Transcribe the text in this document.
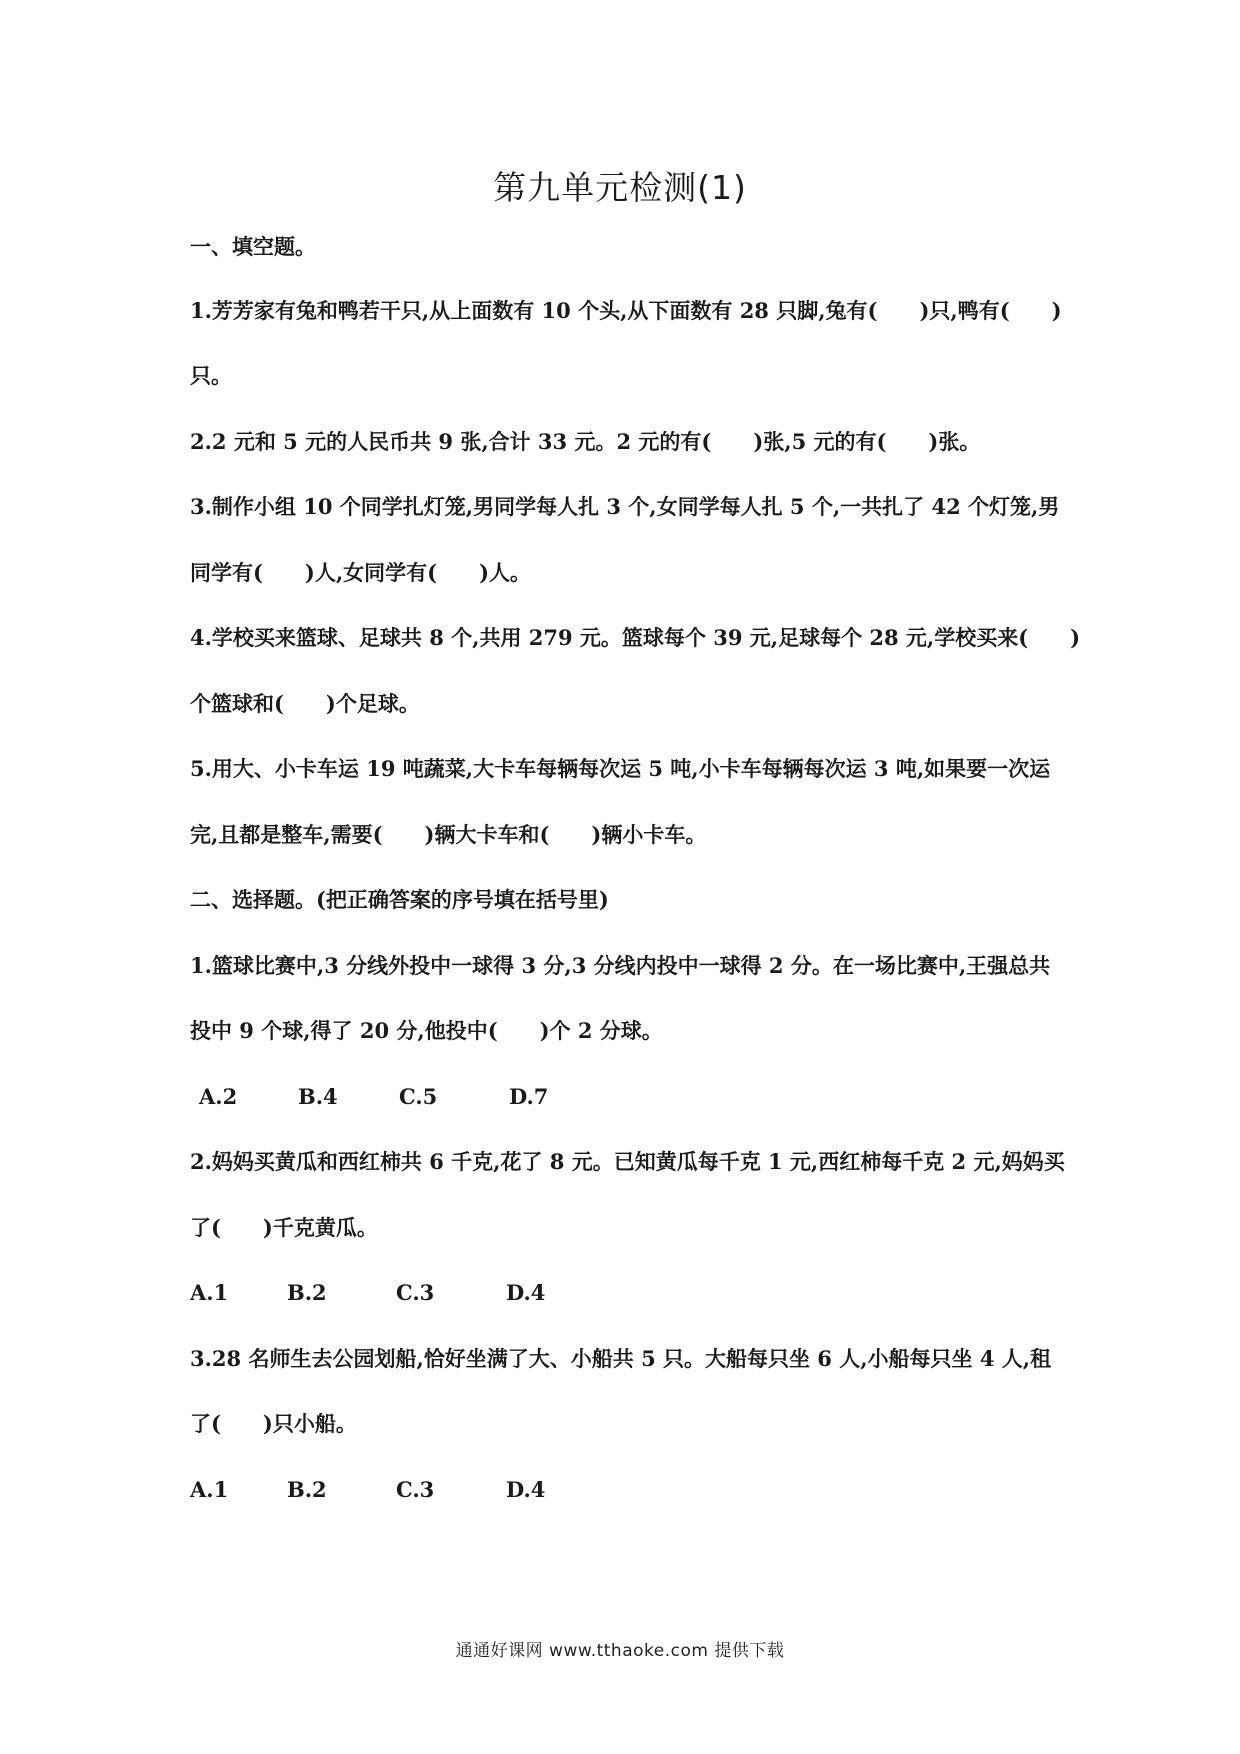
第九单元检测(1)
一、填空题。
1.芳芳家有兔和鸭若干只,从上面数有 10 个头,从下面数有 28 只脚,兔有(　　)只,鸭有(　　)
只。
2.2 元和 5 元的人民币共 9 张,合计 33 元。2 元的有(　　)张,5 元的有(　　)张。
3.制作小组 10 个同学扎灯笼,男同学每人扎 3 个,女同学每人扎 5 个,一共扎了 42 个灯笼,男
同学有(　　)人,女同学有(　　)人。
4.学校买来篮球、足球共 8 个,共用 279 元。篮球每个 39 元,足球每个 28 元,学校买来(　　)
个篮球和(　　)个足球。
5.用大、小卡车运 19 吨蔬菜,大卡车每辆每次运 5 吨,小卡车每辆每次运 3 吨,如果要一次运
完,且都是整车,需要(　　)辆大卡车和(　　)辆小卡车。
二、选择题。(把正确答案的序号填在括号里)
1.篮球比赛中,3 分线外投中一球得 3 分,3 分线内投中一球得 2 分。在一场比赛中,王强总共
投中 9 个球,得了 20 分,他投中(　　)个 2 分球。
A.2	B.4	C.5	D.7
2.妈妈买黄瓜和西红柿共 6 千克,花了 8 元。已知黄瓜每千克 1 元,西红柿每千克 2 元,妈妈买
了(　　)千克黄瓜。
A.1	B.2	C.3	D.4
3.28 名师生去公园划船,恰好坐满了大、小船共 5 只。大船每只坐 6 人,小船每只坐 4 人,租
了(　　)只小船。
A.1	B.2	C.3	D.4
通通好课网 www.tthaoke.com 提供下载
